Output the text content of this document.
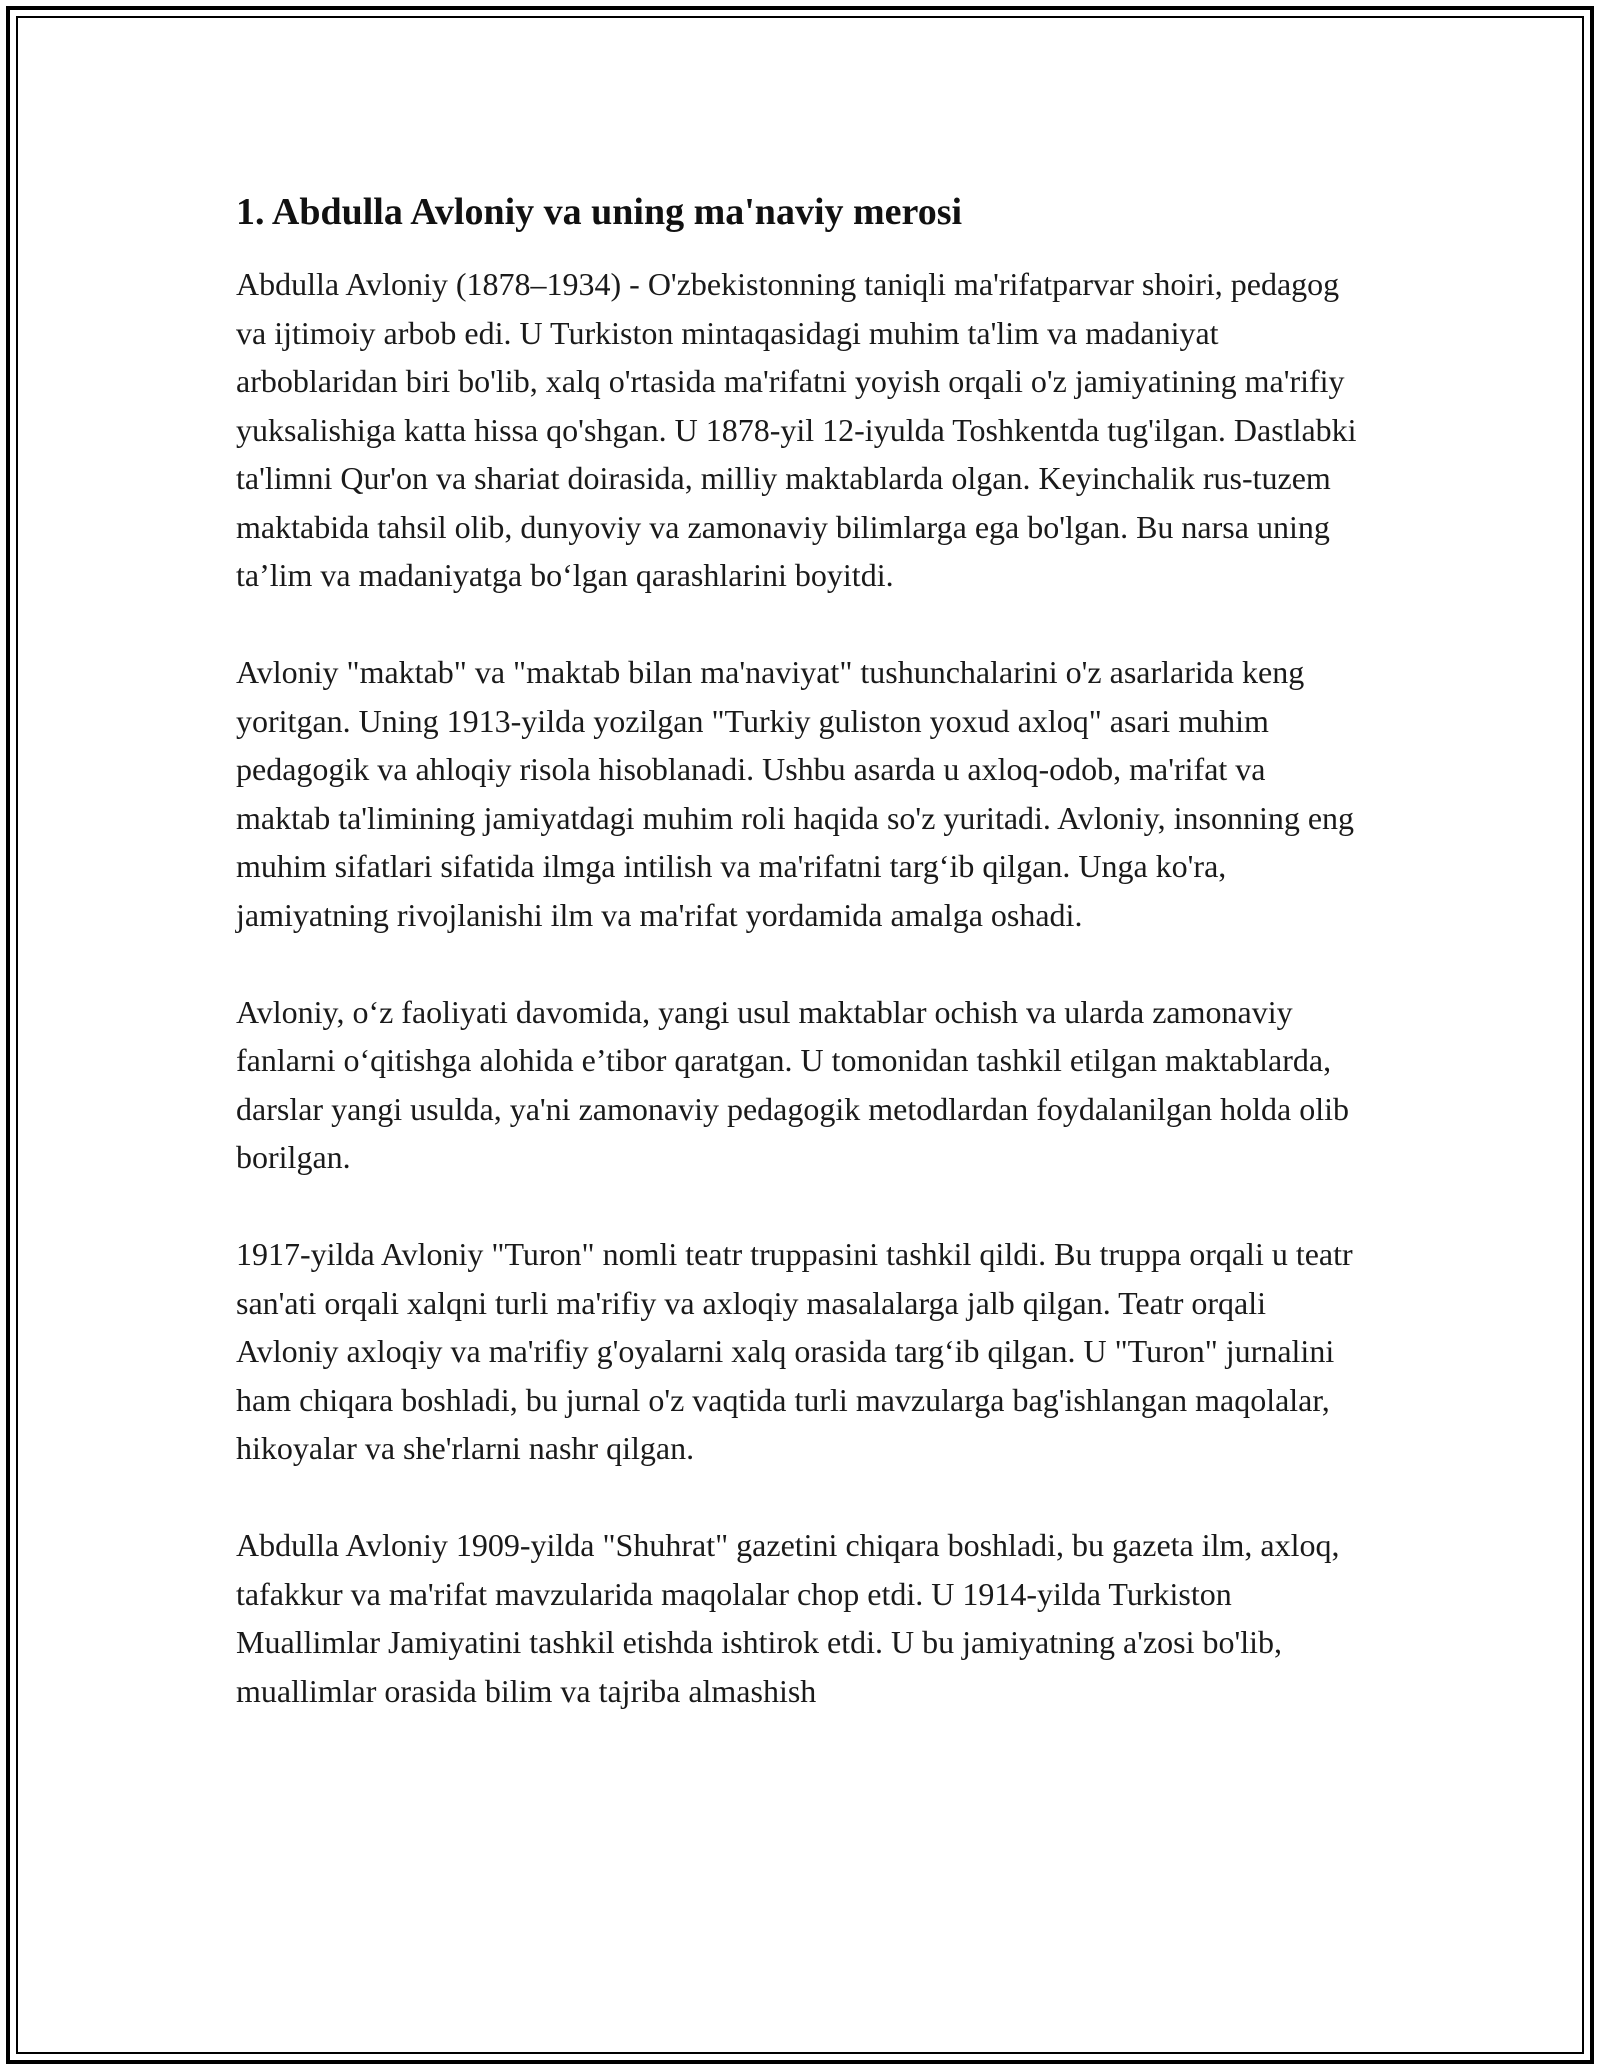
1. Abdulla Avloniy va uning ma'naviy merosi

Abdulla Avloniy (1878–1934) - O'zbekistonning taniqli ma'rifatparvar shoiri, pedagog va ijtimoiy arbob edi. U Turkiston mintaqasidagi muhim ta'lim va madaniyat arboblaridan biri bo'lib, xalq o'rtasida ma'rifatni yoyish orqali o'z jamiyatining ma'rifiy yuksalishiga katta hissa qo'shgan. U 1878-yil 12-iyulda Toshkentda tug'ilgan. Dastlabki ta'limni Qur'on va shariat doirasida, milliy maktablarda olgan. Keyinchalik rus-tuzem maktabida tahsil olib, dunyoviy va zamonaviy bilimlarga ega bo'lgan. Bu narsa uning ta’lim va madaniyatga bo‘lgan qarashlarini boyitdi.

Avloniy "maktab" va "maktab bilan ma'naviyat" tushunchalarini o'z asarlarida keng yoritgan. Uning 1913-yilda yozilgan "Turkiy guliston yoxud axloq" asari muhim pedagogik va ahloqiy risola hisoblanadi. Ushbu asarda u axloq-odob, ma'rifat va maktab ta'limining jamiyatdagi muhim roli haqida so'z yuritadi. Avloniy, insonning eng muhim sifatlari sifatida ilmga intilish va ma'rifatni targ‘ib qilgan. Unga ko'ra, jamiyatning rivojlanishi ilm va ma'rifat yordamida amalga oshadi.

Avloniy, o‘z faoliyati davomida, yangi usul maktablar ochish va ularda zamonaviy fanlarni o‘qitishga alohida e’tibor qaratgan. U tomonidan tashkil etilgan maktablarda, darslar yangi usulda, ya'ni zamonaviy pedagogik metodlardan foydalanilgan holda olib borilgan.

1917-yilda Avloniy "Turon" nomli teatr truppasini tashkil qildi. Bu truppa orqali u teatr san'ati orqali xalqni turli ma'rifiy va axloqiy masalalarga jalb qilgan. Teatr orqali Avloniy axloqiy va ma'rifiy g'oyalarni xalq orasida targ‘ib qilgan. U "Turon" jurnalini ham chiqara boshladi, bu jurnal o'z vaqtida turli mavzularga bag'ishlangan maqolalar, hikoyalar va she'rlarni nashr qilgan.

Abdulla Avloniy 1909-yilda "Shuhrat" gazetini chiqara boshladi, bu gazeta ilm, axloq, tafakkur va ma'rifat mavzularida maqolalar chop etdi. U 1914-yilda Turkiston Muallimlar Jamiyatini tashkil etishda ishtirok etdi. U bu jamiyatning a'zosi bo'lib, muallimlar orasida bilim va tajriba almashish
